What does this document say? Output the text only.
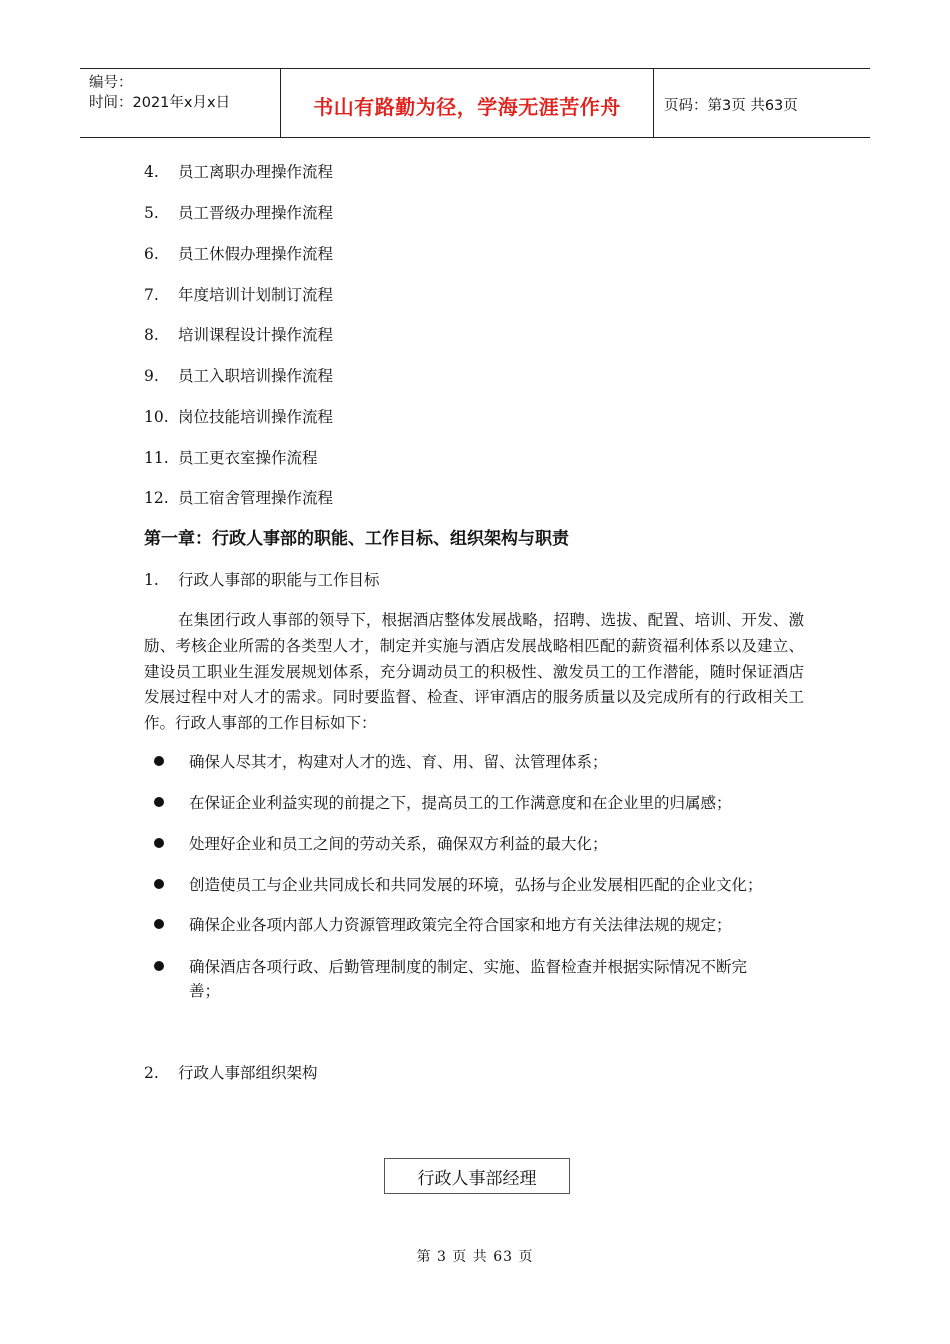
编号：
时间：2021年x月x日	书山有路勤为径，学海无涯苦作舟	页码：第3页 共63页
4. 员工离职办理操作流程
5. 员工晋级办理操作流程
6. 员工休假办理操作流程
7. 年度培训计划制订流程
8. 培训课程设计操作流程
9. 员工入职培训操作流程
10. 岗位技能培训操作流程
11. 员工更衣室操作流程
12. 员工宿舍管理操作流程
第一章：行政人事部的职能、工作目标、组织架构与职责
1. 行政人事部的职能与工作目标
在集团行政人事部的领导下，根据酒店整体发展战略，招聘、选拔、配置、培训、开发、激励、考核企业所需的各类型人才，制定并实施与酒店发展战略相匹配的薪资福利体系以及建立、建设员工职业生涯发展规划体系，充分调动员工的积极性、激发员工的工作潜能，随时保证酒店发展过程中对人才的需求。同时要监督、检查、评审酒店的服务质量以及完成所有的行政相关工作。行政人事部的工作目标如下：
确保人尽其才，构建对人才的选、育、用、留、汰管理体系；
在保证企业利益实现的前提之下，提高员工的工作满意度和在企业里的归属感；
处理好企业和员工之间的劳动关系，确保双方利益的最大化；
创造使员工与企业共同成长和共同发展的环境，弘扬与企业发展相匹配的企业文化；
确保企业各项内部人力资源管理政策完全符合国家和地方有关法律法规的规定；
确保酒店各项行政、后勤管理制度的制定、实施、监督检查并根据实际情况不断完善；
2. 行政人事部组织架构
行政人事部经理
第 3 页 共 63 页
